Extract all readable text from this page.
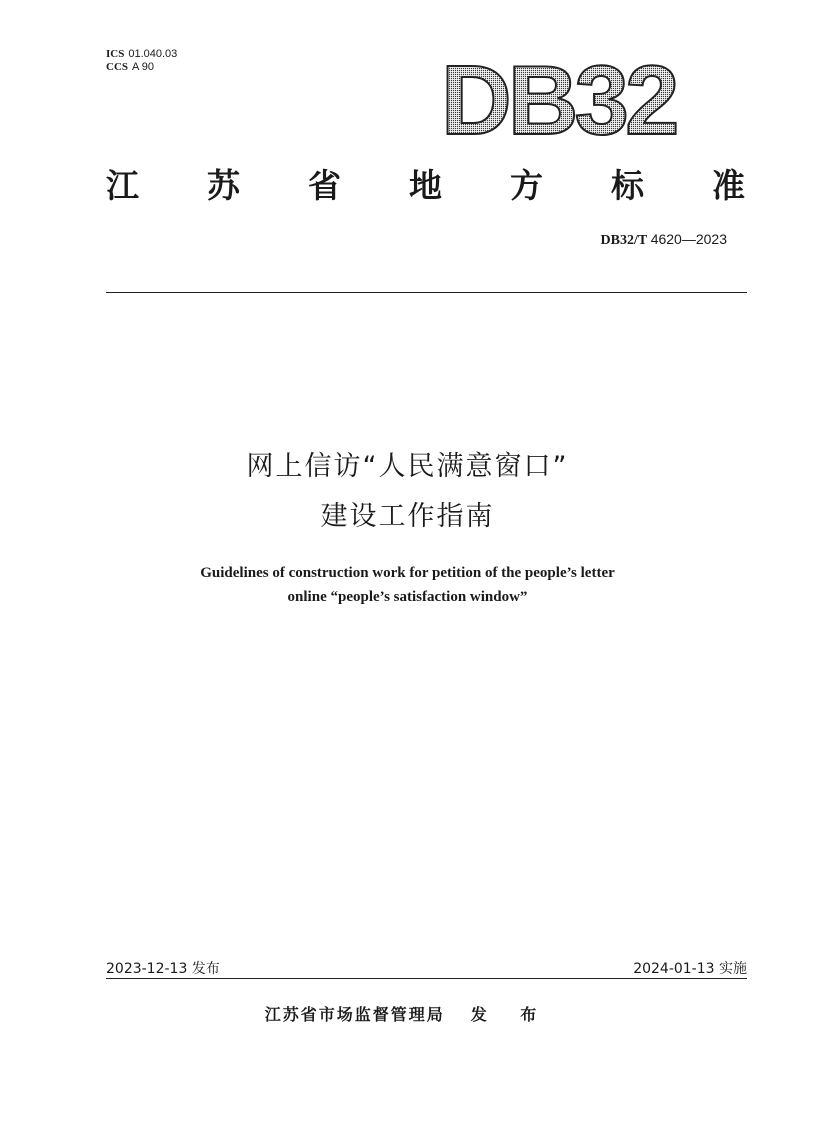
ICS 01.040.03
CCS A 90	DB32
江 苏 省 地 方 标 准
DB32/T 4620—2023
网上信访“人民满意窗口”
建设工作指南
Guidelines of construction work for petition of the people’s letter
online “people’s satisfaction window”
2023-12-13 发布	2024-01-13 实施
江苏省市场监督管理局 发 布
